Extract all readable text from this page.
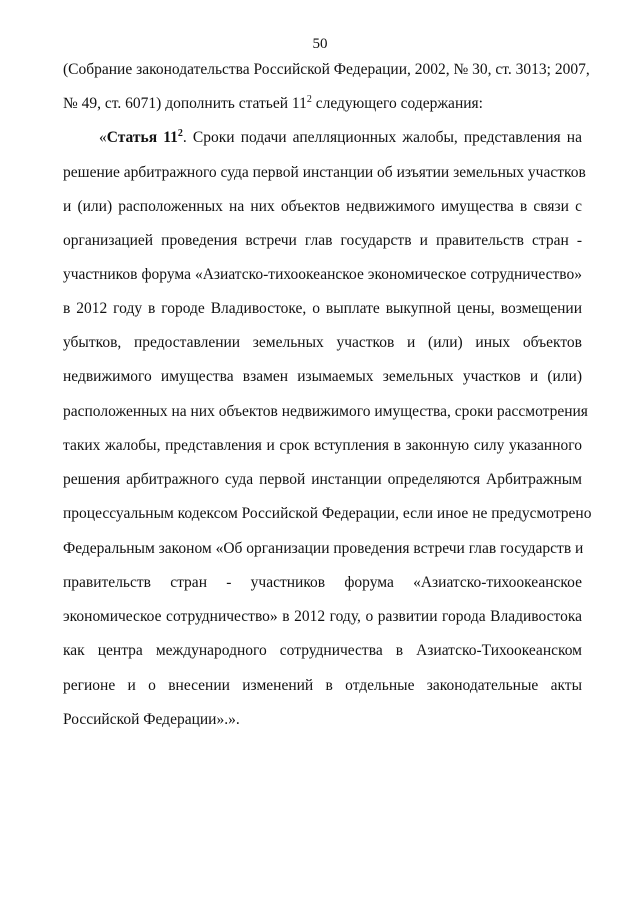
50
(Собрание законодательства Российской Федерации, 2002, № 30, ст. 3013; 2007,
№ 49, ст. 6071) дополнить статьей $11^2$ следующего содержания:
«Статья $11^2$. Сроки подачи апелляционных жалобы, представления на
решение арбитражного суда первой инстанции об изъятии земельных участков
и (или) расположенных на них объектов недвижимого имущества в связи с
организацией проведения встречи глав государств и правительств стран -
участников форума «Азиатско-тихоокеанское экономическое сотрудничество»
в 2012 году в городе Владивостоке, о выплате выкупной цены, возмещении
убытков, предоставлении земельных участков и (или) иных объектов
недвижимого имущества взамен изымаемых земельных участков и (или)
расположенных на них объектов недвижимого имущества, сроки рассмотрения
таких жалобы, представления и срок вступления в законную силу указанного
решения арбитражного суда первой инстанции определяются Арбитражным
процессуальным кодексом Российской Федерации, если иное не предусмотрено
Федеральным законом «Об организации проведения встречи глав государств и
правительств стран - участников форума «Азиатско-тихоокеанское
экономическое сотрудничество» в 2012 году, о развитии города Владивостока
как центра международного сотрудничества в Азиатско-Тихоокеанском
регионе и о внесении изменений в отдельные законодательные акты
Российской Федерации».».
